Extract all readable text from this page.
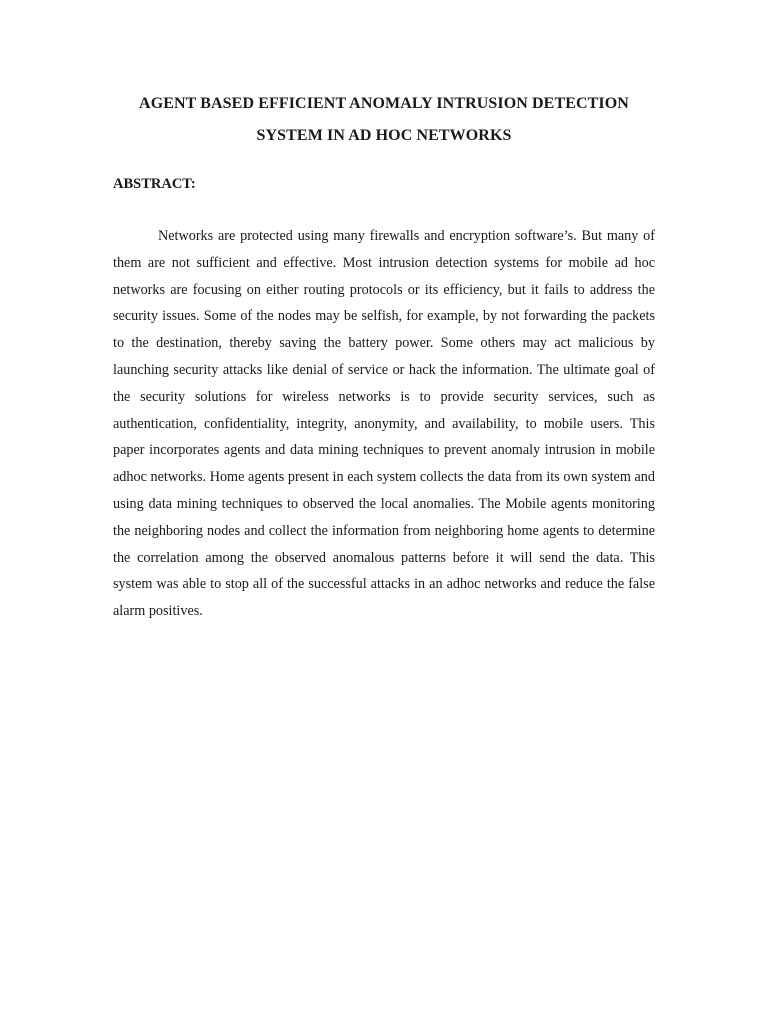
AGENT BASED EFFICIENT ANOMALY INTRUSION DETECTION
SYSTEM IN AD HOC NETWORKS
ABSTRACT:

Networks are protected using many firewalls and encryption software’s. But many of them are not sufficient and effective. Most intrusion detection systems for mobile ad hoc networks are focusing on either routing protocols or its efficiency, but it fails to address the security issues. Some of the nodes may be selfish, for example, by not forwarding the packets to the destination, thereby saving the battery power. Some others may act malicious by launching security attacks like denial of service or hack the information. The ultimate goal of the security solutions for wireless networks is to provide security services, such as authentication, confidentiality, integrity, anonymity, and availability, to mobile users. This paper incorporates agents and data mining techniques to prevent anomaly intrusion in mobile adhoc networks. Home agents present in each system collects the data from its own system and using data mining techniques to observed the local anomalies. The Mobile agents monitoring the neighboring nodes and collect the information from neighboring home agents to determine the correlation among the observed anomalous patterns before it will send the data. This system was able to stop all of the successful attacks in an adhoc networks and reduce the false alarm positives.
